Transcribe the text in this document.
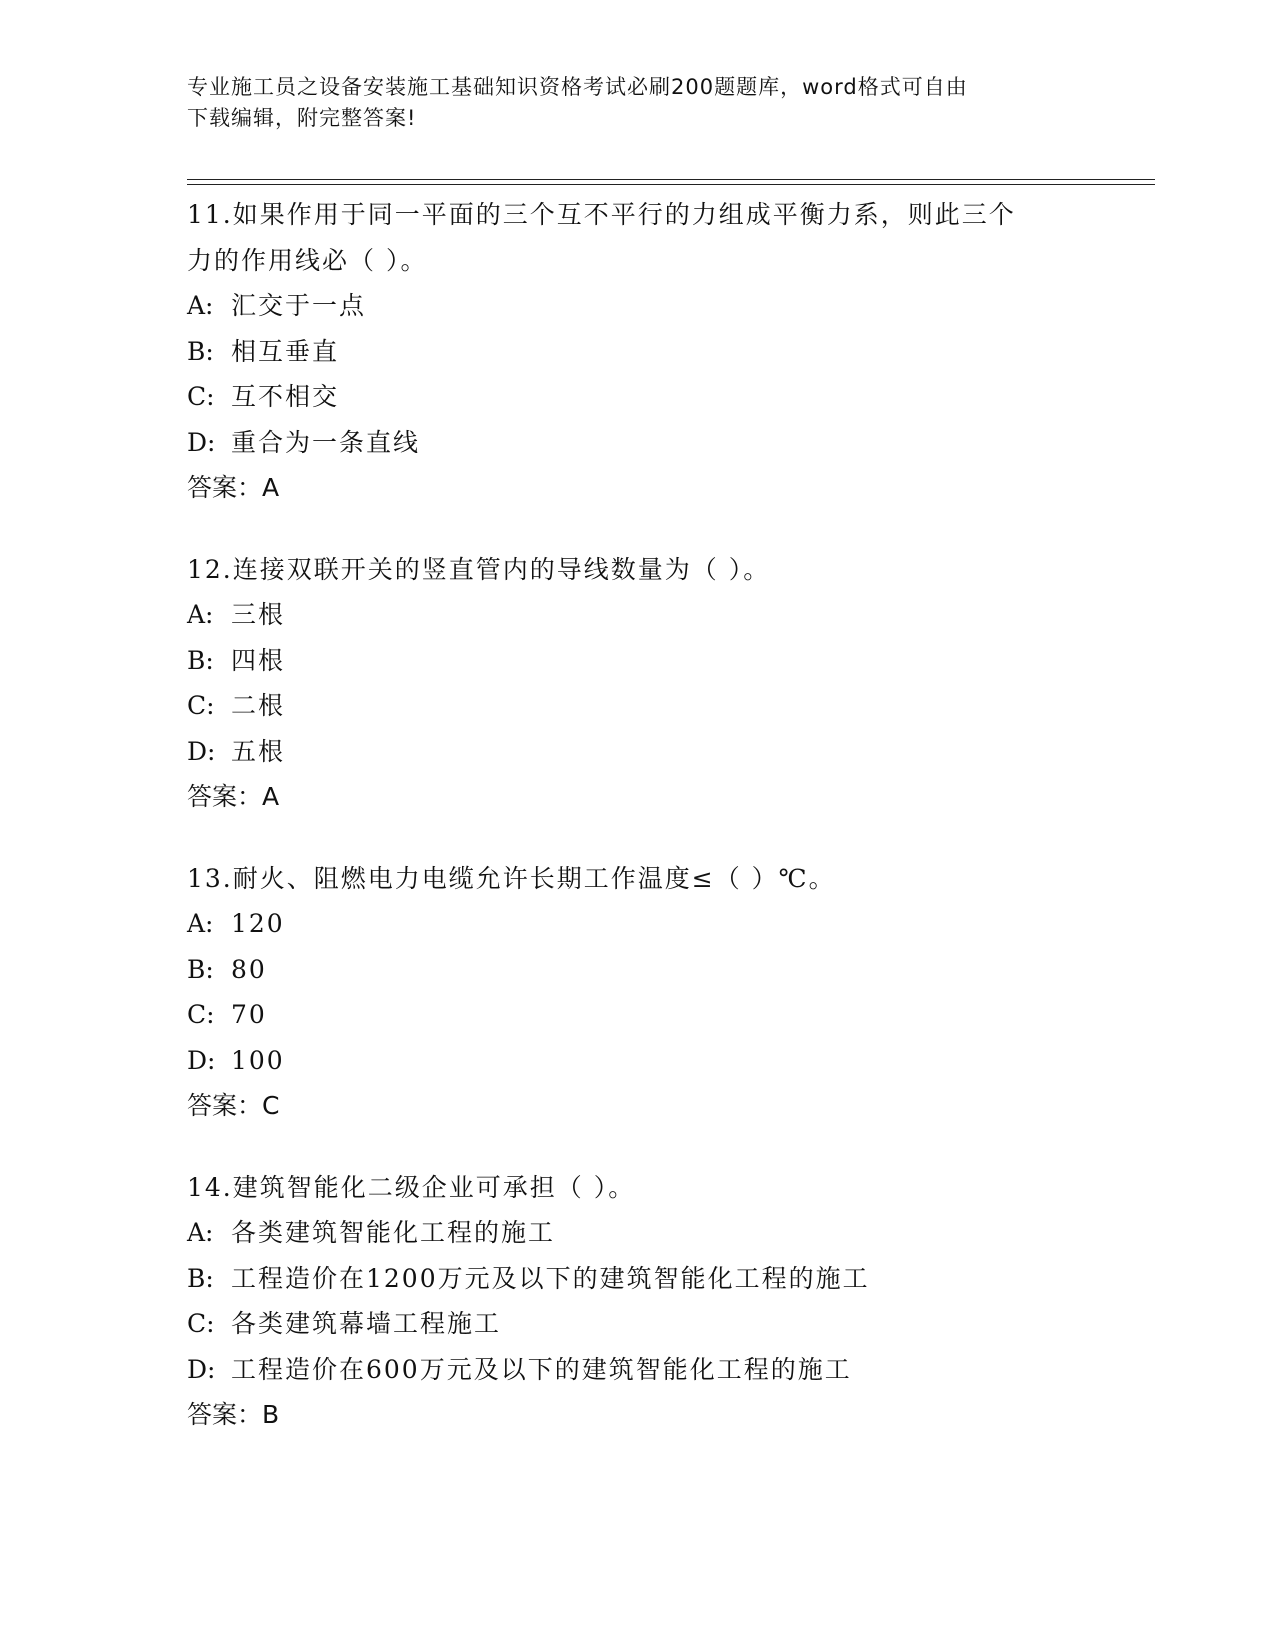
专业施工员之设备安装施工基础知识资格考试必刷200题题库，word格式可自由
下载编辑，附完整答案!

11.如果作用于同一平面的三个互不平行的力组成平衡力系，则此三个

力的作用线必（ ）。

A: 汇交于一点

B: 相互垂直

C: 互不相交

D: 重合为一条直线

答案：A

12.连接双联开关的竖直管内的导线数量为（ ）。

A: 三根

B: 四根

C: 二根

D: 五根

答案：A

13.耐火、阻燃电力电缆允许长期工作温度≤（ ）℃。

A: 120

B: 80

C: 70

D: 100

答案：C

14.建筑智能化二级企业可承担（ ）。

A: 各类建筑智能化工程的施工

B: 工程造价在1200万元及以下的建筑智能化工程的施工

C: 各类建筑幕墙工程施工

D: 工程造价在600万元及以下的建筑智能化工程的施工

答案：B
